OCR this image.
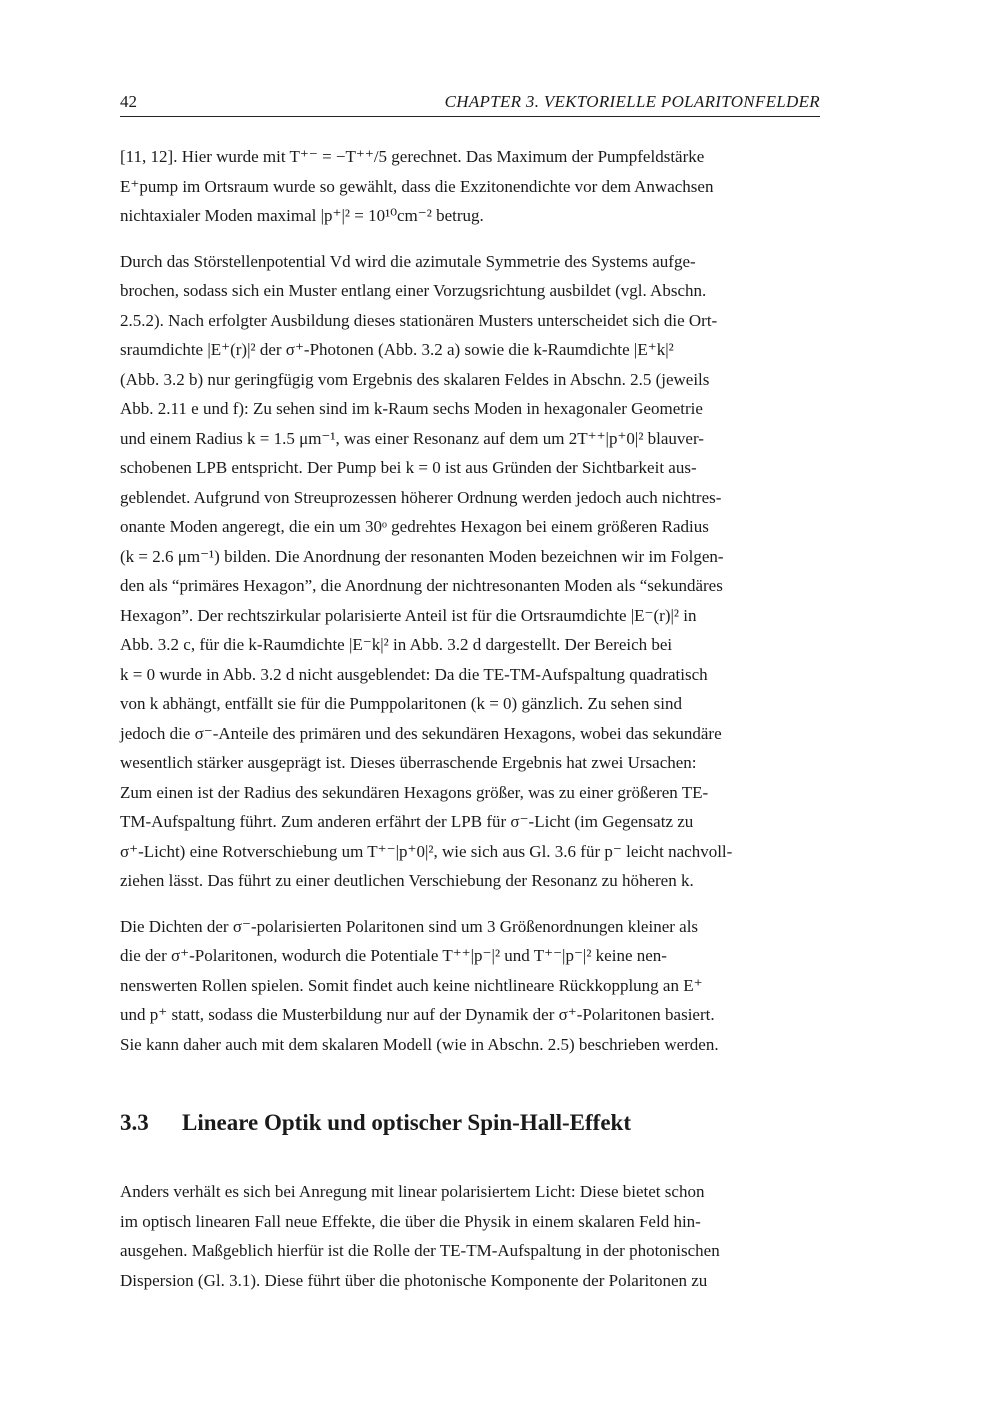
42	CHAPTER 3. VEKTORIELLE POLARITONFELDER

[11, 12]. Hier wurde mit T⁺⁻ = −T⁺⁺/5 gerechnet. Das Maximum der Pumpfeldstärke
E⁺pump im Ortsraum wurde so gewählt, dass die Exzitonendichte vor dem Anwachsen
nichtaxialer Moden maximal |p⁺|² = 10¹⁰cm⁻² betrug.

Durch das Störstellenpotential Vd wird die azimutale Symmetrie des Systems aufge-
brochen, sodass sich ein Muster entlang einer Vorzugsrichtung ausbildet (vgl. Abschn.
2.5.2). Nach erfolgter Ausbildung dieses stationären Musters unterscheidet sich die Ort-
sraumdichte |E⁺(r)|² der σ⁺-Photonen (Abb. 3.2 a) sowie die k-Raumdichte |E⁺k|²
(Abb. 3.2 b) nur geringfügig vom Ergebnis des skalaren Feldes in Abschn. 2.5 (jeweils
Abb. 2.11 e und f): Zu sehen sind im k-Raum sechs Moden in hexagonaler Geometrie
und einem Radius k = 1.5 μm⁻¹, was einer Resonanz auf dem um 2T⁺⁺|p⁺0|² blauver-
schobenen LPB entspricht. Der Pump bei k = 0 ist aus Gründen der Sichtbarkeit aus-
geblendet. Aufgrund von Streuprozessen höherer Ordnung werden jedoch auch nichtres-
onante Moden angeregt, die ein um 30ᵒ gedrehtes Hexagon bei einem größeren Radius
(k = 2.6 μm⁻¹) bilden. Die Anordnung der resonanten Moden bezeichnen wir im Folgen-
den als “primäres Hexagon”, die Anordnung der nichtresonanten Moden als “sekundäres
Hexagon”. Der rechtszirkular polarisierte Anteil ist für die Ortsraumdichte |E⁻(r)|² in
Abb. 3.2 c, für die k-Raumdichte |E⁻k|² in Abb. 3.2 d dargestellt. Der Bereich bei
k = 0 wurde in Abb. 3.2 d nicht ausgeblendet: Da die TE-TM-Aufspaltung quadratisch
von k abhängt, entfällt sie für die Pumppolaritonen (k = 0) gänzlich. Zu sehen sind
jedoch die σ⁻-Anteile des primären und des sekundären Hexagons, wobei das sekundäre
wesentlich stärker ausgeprägt ist. Dieses überraschende Ergebnis hat zwei Ursachen:
Zum einen ist der Radius des sekundären Hexagons größer, was zu einer größeren TE-
TM-Aufspaltung führt. Zum anderen erfährt der LPB für σ⁻-Licht (im Gegensatz zu
σ⁺-Licht) eine Rotverschiebung um T⁺⁻|p⁺0|², wie sich aus Gl. 3.6 für p⁻ leicht nachvoll-
ziehen lässt. Das führt zu einer deutlichen Verschiebung der Resonanz zu höheren k.

Die Dichten der σ⁻-polarisierten Polaritonen sind um 3 Größenordnungen kleiner als
die der σ⁺-Polaritonen, wodurch die Potentiale T⁺⁺|p⁻|² und T⁺⁻|p⁻|² keine nen-
nenswerten Rollen spielen. Somit findet auch keine nichtlineare Rückkopplung an E⁺
und p⁺ statt, sodass die Musterbildung nur auf der Dynamik der σ⁺-Polaritonen basiert.
Sie kann daher auch mit dem skalaren Modell (wie in Abschn. 2.5) beschrieben werden.

3.3 Lineare Optik und optischer Spin-Hall-Effekt

Anders verhält es sich bei Anregung mit linear polarisiertem Licht: Diese bietet schon
im optisch linearen Fall neue Effekte, die über die Physik in einem skalaren Feld hin-
ausgehen. Maßgeblich hierfür ist die Rolle der TE-TM-Aufspaltung in der photonischen
Dispersion (Gl. 3.1). Diese führt über die photonische Komponente der Polaritonen zu
